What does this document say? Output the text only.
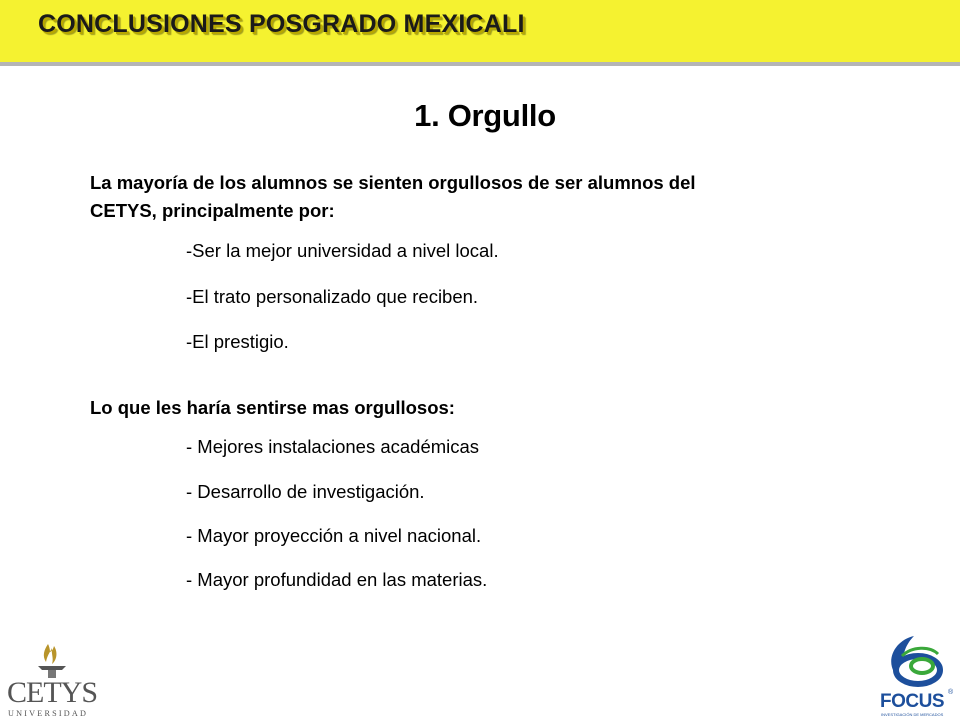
CONCLUSIONES POSGRADO MEXICALI
1. Orgullo
La mayoría de los alumnos se sienten orgullosos de ser alumnos del
CETYS, principalmente por:
-Ser la mejor universidad a nivel local.
-El trato personalizado que reciben.
-El prestigio.
Lo que les haría sentirse mas orgullosos:
- Mejores instalaciones académicas
- Desarrollo de investigación.
- Mayor proyección a nivel nacional.
- Mayor profundidad en las materias.
CETYS
UNIVERSIDAD
FOCUS ®
INVESTIGACIÓN DE MERCADOS
